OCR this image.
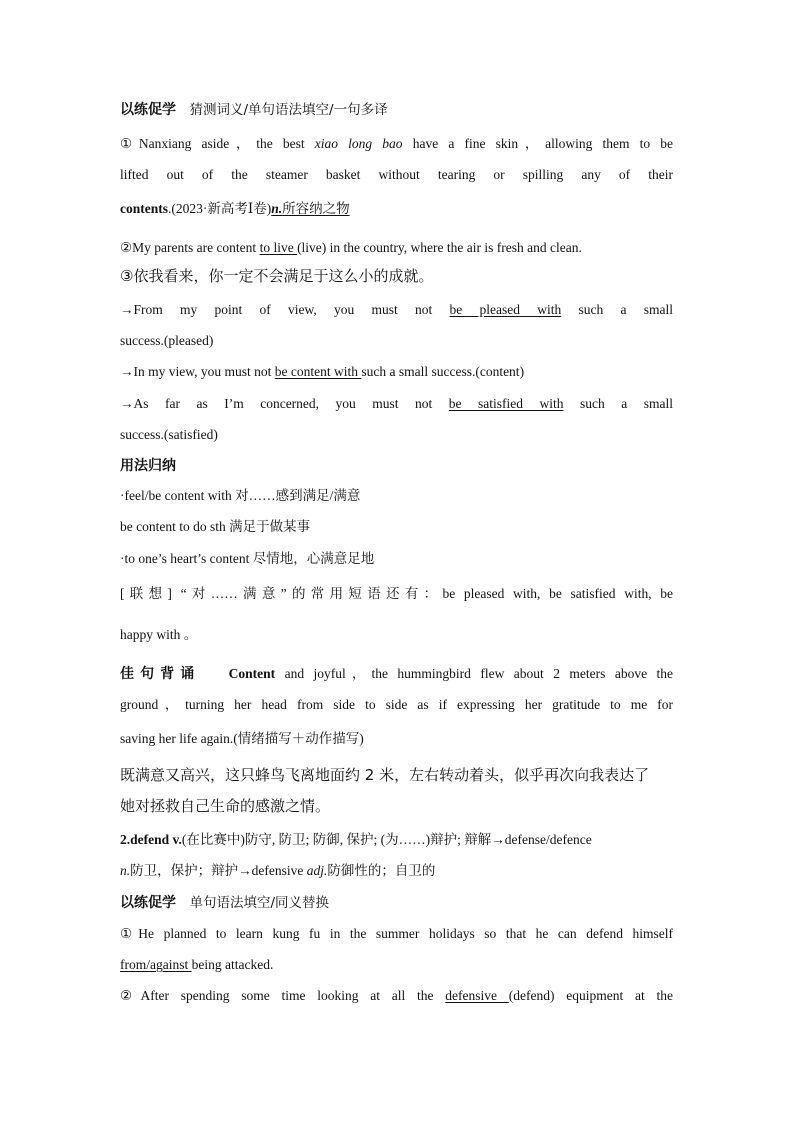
以练促学 猜测词义/单句语法填空/一句多译
①Nanxiang aside，the best xiao long bao have a fine skin，allowing them to be
lifted out of the steamer basket without tearing or spilling any of their
contents.(2023·新高考Ⅰ卷)n.所容纳之物
②My parents are content to live (live) in the country, where the air is fresh and clean.
③依我看来，你一定不会满足于这么小的成就。
→From my point of view, you must not be pleased with such a small
success.(pleased)
→In my view, you must not be content with such a small success.(content)
→As far as I’m concerned, you must not be satisfied with such a small
success.(satisfied)
用法归纳
·feel/be content with 对……感到满足/满意
be content to do sth 满足于做某事
·to one’s heart’s content 尽情地，心满意足地
[联想] “对……满意”的常用短语还有：be pleased with, be satisfied with, be
happy with 。
佳句背诵 Content and joyful，the hummingbird flew about 2 meters above the
ground，turning her head from side to side as if expressing her gratitude to me for
saving her life again.(情绪描写＋动作描写)
既满意又高兴，这只蜂鸟飞离地面约 2 米，左右转动着头，似乎再次向我表达了
她对拯救自己生命的感激之情。
2.defend v.(在比赛中)防守, 防卫; 防御, 保护; (为……)辩护; 辩解→defense/defence
n.防卫，保护；辩护→defensive adj.防御性的；自卫的
以练促学 单句语法填空/同义替换
①He planned to learn kung fu in the summer holidays so that he can defend himself
from/against being attacked.
②After spending some time looking at all the defensive (defend) equipment at the
